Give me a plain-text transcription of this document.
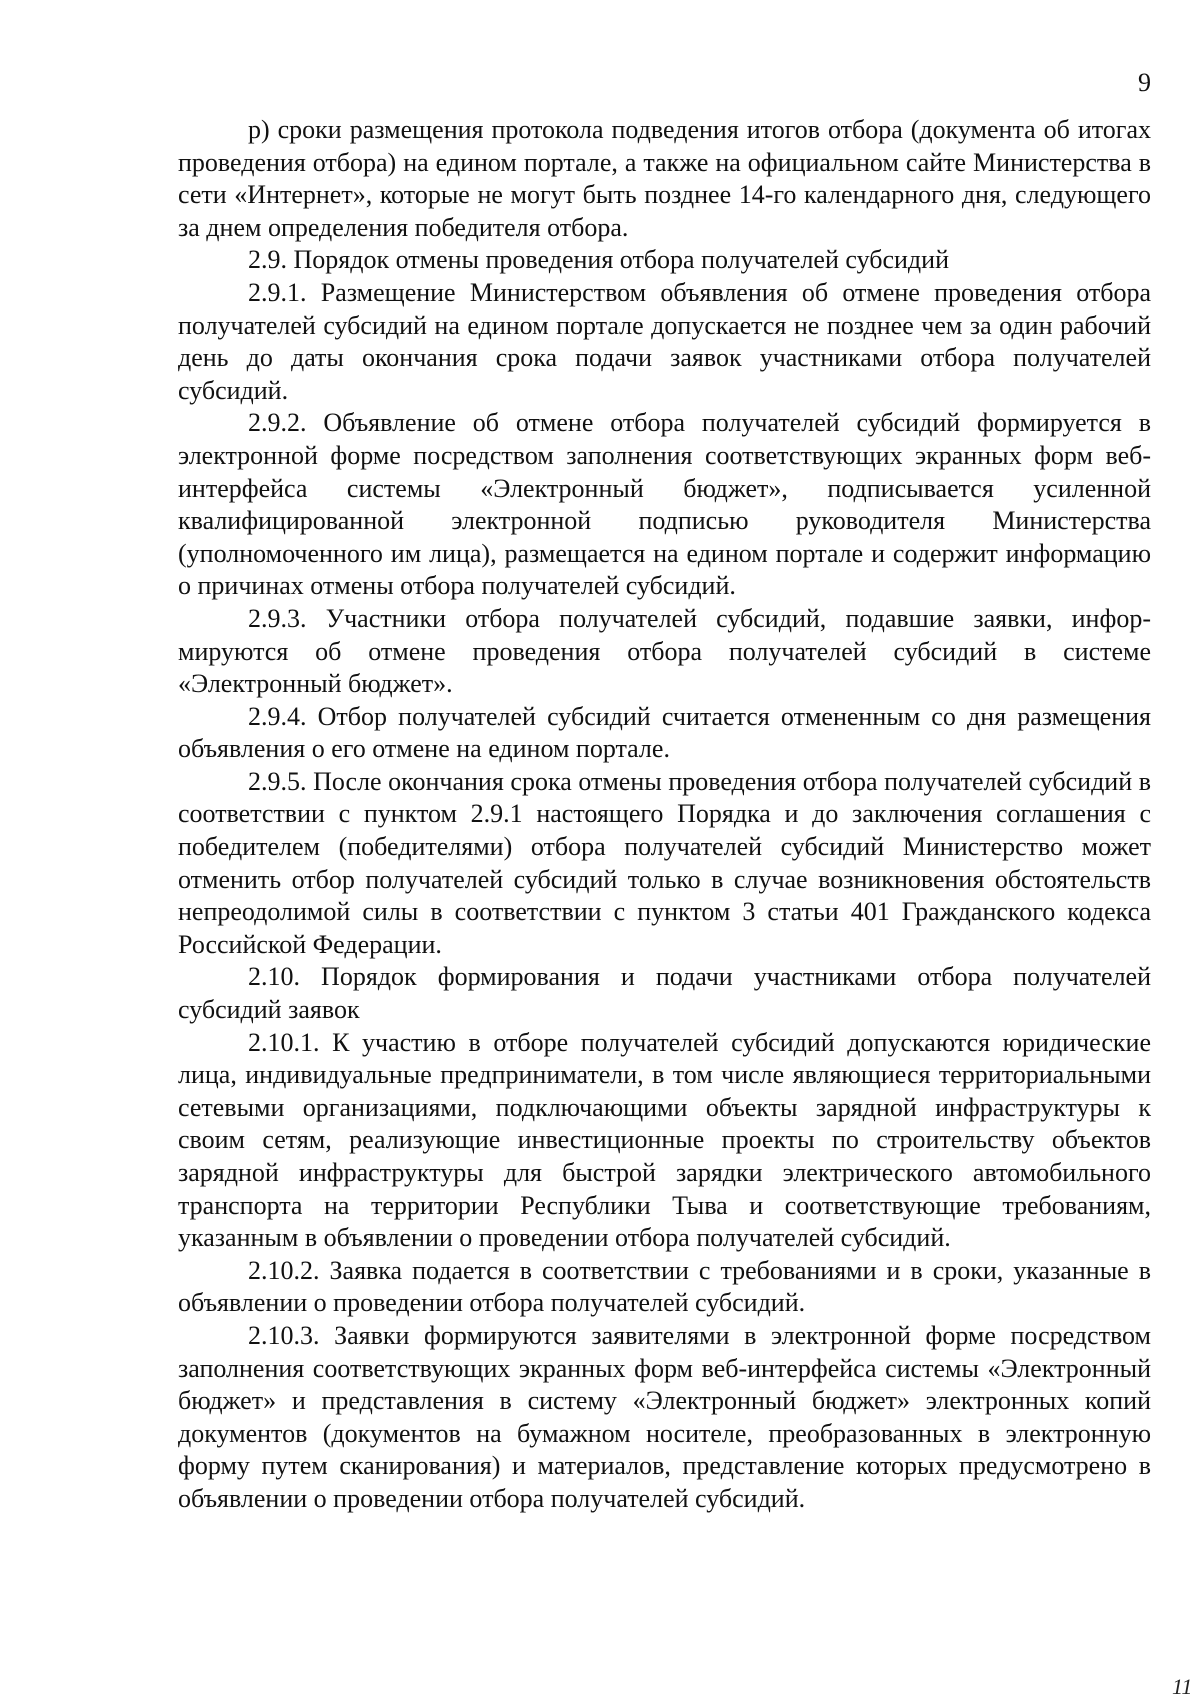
9

р) сроки размещения протокола подведения итогов отбора (документа об итогах проведения отбора) на едином портале, а также на официальном сайте Министерства в сети «Интернет», которые не могут быть позднее 14-го календарного дня, следующего за днем определения победителя отбора.

2.9. Порядок отмены проведения отбора получателей субсидий

2.9.1. Размещение Министерством объявления об отмене проведения отбора получателей субсидий на едином портале допускается не позднее чем за один рабочий день до даты окончания срока подачи заявок участниками отбора получателей субсидий.

2.9.2. Объявление об отмене отбора получателей субсидий формируется в электронной форме посредством заполнения соответствующих экранных форм веб-интерфейса системы «Электронный бюджет», подписывается усиленной квалифицированной электронной подписью руководителя Министерства (уполномоченного им лица), размещается на едином портале и содержит информацию о причинах отмены отбора получателей субсидий.

2.9.3. Участники отбора получателей субсидий, подавшие заявки, информируются об отмене проведения отбора получателей субсидий в системе «Электронный бюджет».

2.9.4. Отбор получателей субсидий считается отмененным со дня размещения объявления о его отмене на едином портале.

2.9.5. После окончания срока отмены проведения отбора получателей субсидий в соответствии с пунктом 2.9.1 настоящего Порядка и до заключения соглашения с победителем (победителями) отбора получателей субсидий Министерство может отменить отбор получателей субсидий только в случае возникновения обстоятельств непреодолимой силы в соответствии с пунктом 3 статьи 401 Гражданского кодекса Российской Федерации.

2.10. Порядок формирования и подачи участниками отбора получателей субсидий заявок

2.10.1. К участию в отборе получателей субсидий допускаются юридические лица, индивидуальные предприниматели, в том числе являющиеся территориальными сетевыми организациями, подключающими объекты зарядной инфраструктуры к своим сетям, реализующие инвестиционные проекты по строительству объектов зарядной инфраструктуры для быстрой зарядки электрического автомобильного транспорта на территории Республики Тыва и соответствующие требованиям, указанным в объявлении о проведении отбора получателей субсидий.

2.10.2. Заявка подается в соответствии с требованиями и в сроки, указанные в объявлении о проведении отбора получателей субсидий.

2.10.3. Заявки формируются заявителями в электронной форме посредством заполнения соответствующих экранных форм веб-интерфейса системы «Электронный бюджет» и представления в систему «Электронный бюджет» электронных копий документов (документов на бумажном носителе, преобразованных в электронную форму путем сканирования) и материалов, представление которых предусмотрено в объявлении о проведении отбора получателей субсидий.

11
